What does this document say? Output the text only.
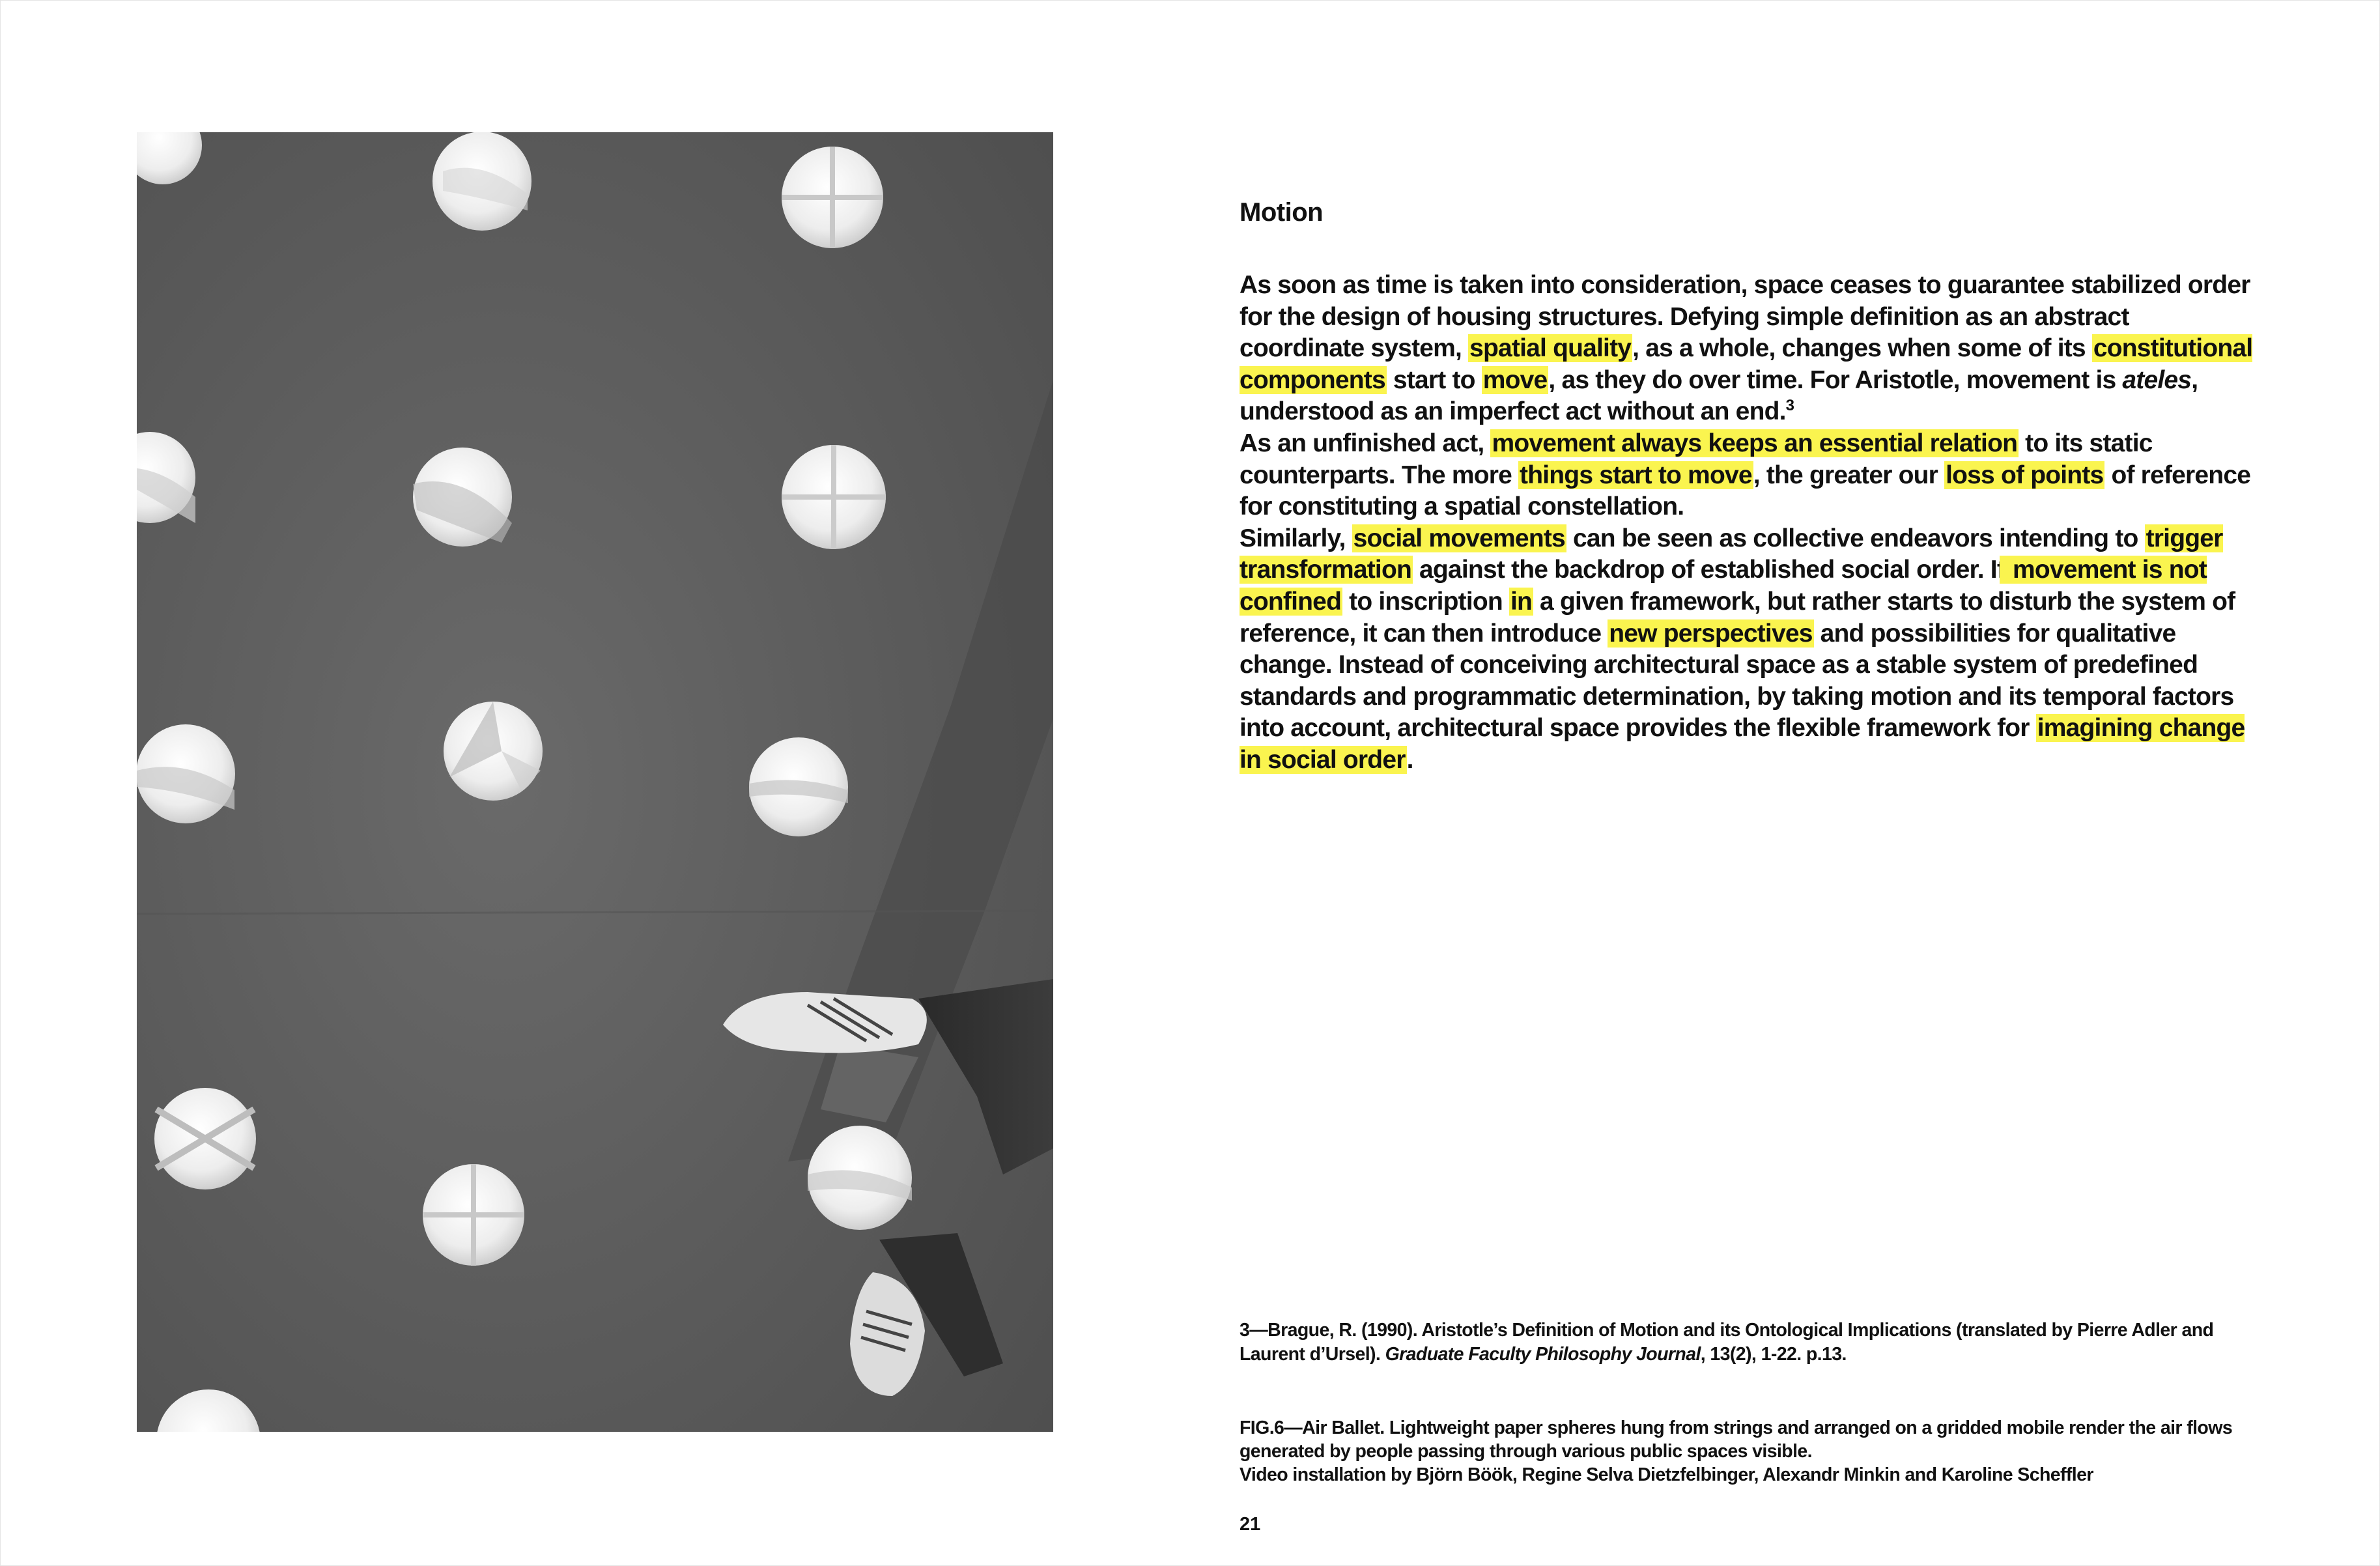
Motion

As soon as time is taken into consideration, space ceases to guarantee stabilized order for the design of housing structures. Defying simple definition as an abstract coordinate system, spatial quality, as a whole, changes when some of its constitutional components start to move, as they do over time. For Aristotle, movement is ateles, understood as an imperfect act without an end.$^3$
As an unfinished act, movement always keeps an essential relation to its static counterparts. The more things start to move, the greater our loss of points of reference for constituting a spatial constellation.
Similarly, social movements can be seen as collective endeavors intending to trigger transformation against the backdrop of established social order. If movement is not confined to inscription in a given framework, but rather starts to disturb the system of reference, it can then introduce new perspectives and possibilities for qualitative change. Instead of conceiving architectural space as a stable system of predefined standards and programmatic determination, by taking motion and its temporal factors into account, architectural space provides the flexible framework for imagining change in social order.

3—Brague, R. (1990). Aristotle’s Definition of Motion and its Ontological Implications (translated by Pierre Adler and Laurent d’Ursel). Graduate Faculty Philosophy Journal, 13(2), 1-22. p.13.

FIG.6—Air Ballet. Lightweight paper spheres hung from strings and arranged on a gridded mobile render the air flows generated by people passing through various public spaces visible.
Video installation by Björn Böök, Regine Selva Dietzfelbinger, Alexandr Minkin and Karoline Scheffler

21
